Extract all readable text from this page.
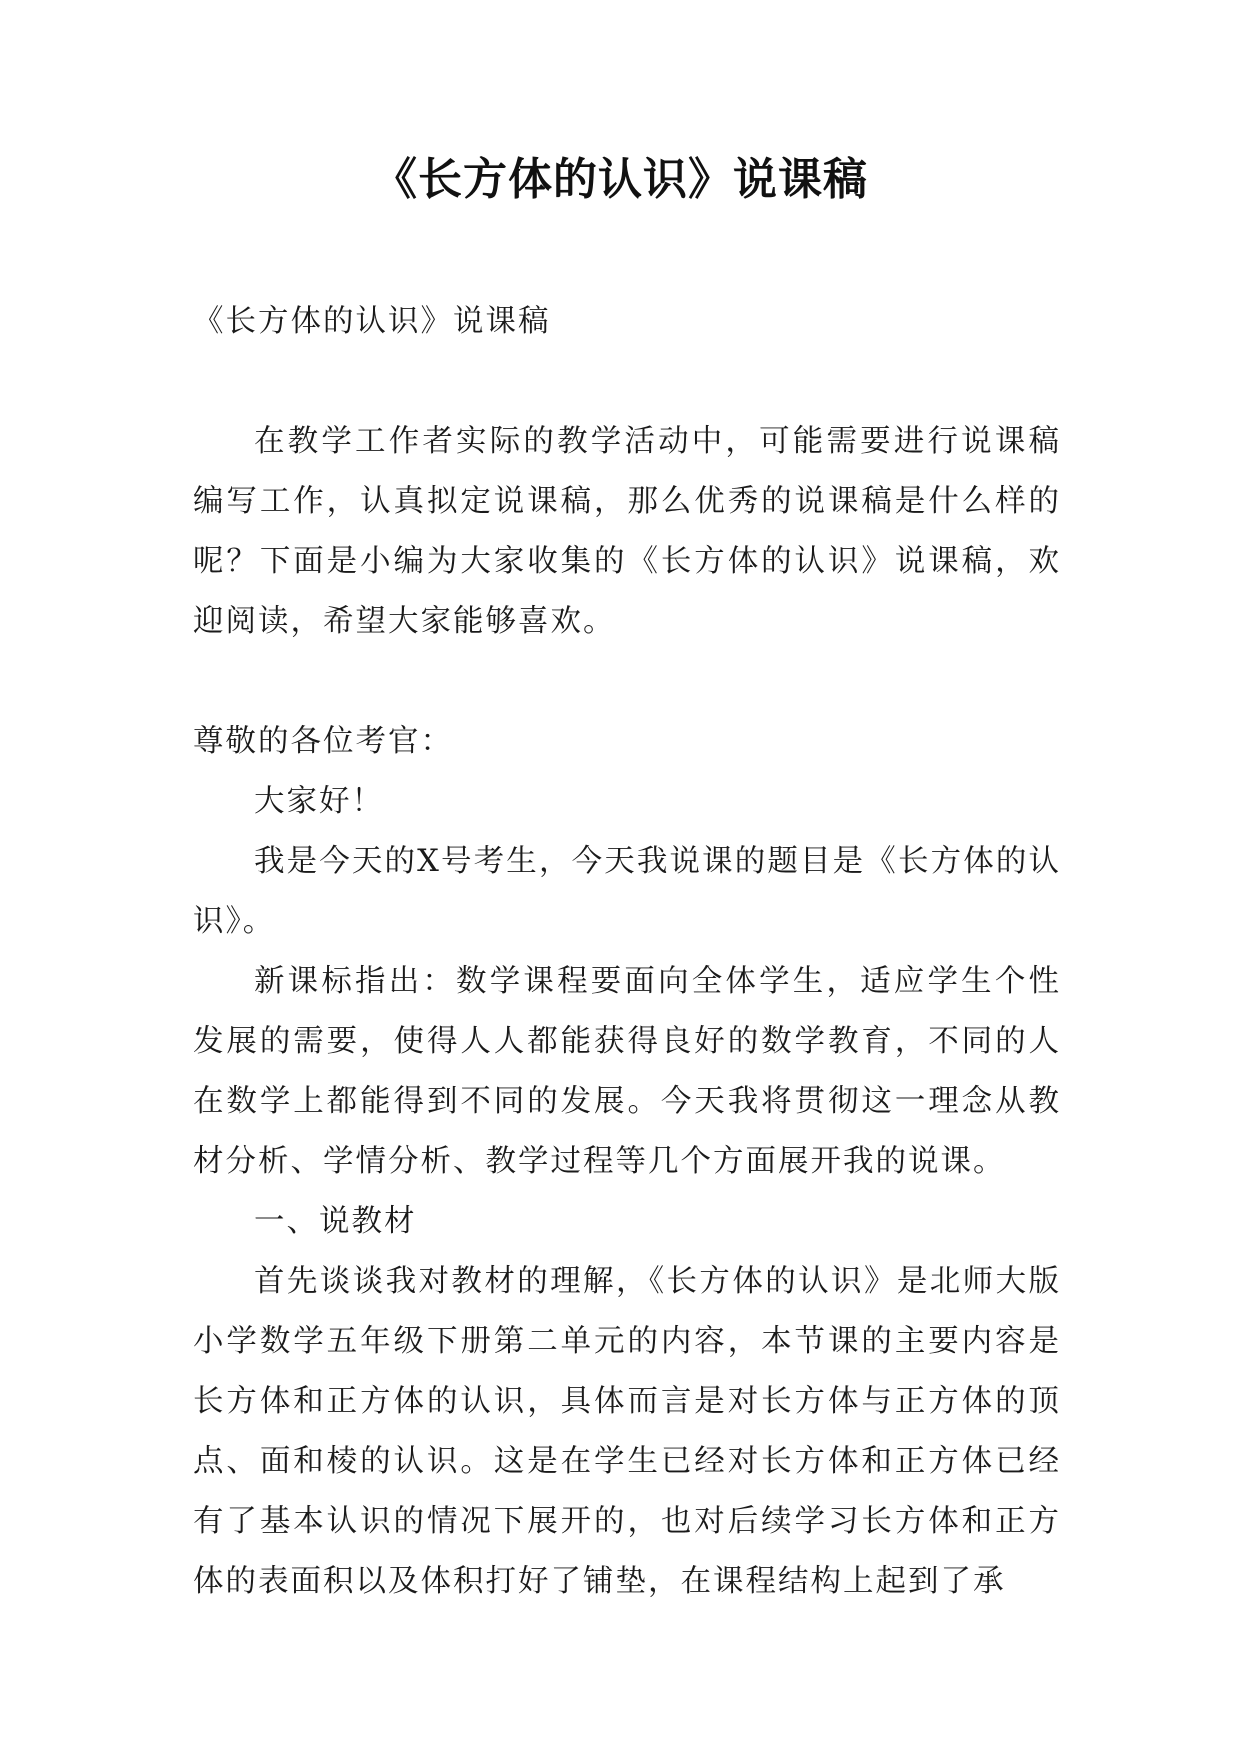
《长方体的认识》说课稿

《长方体的认识》说课稿

在教学工作者实际的教学活动中，可能需要进行说课稿编写工作，认真拟定说课稿，那么优秀的说课稿是什么样的呢？下面是小编为大家收集的《长方体的认识》说课稿，欢迎阅读，希望大家能够喜欢。

尊敬的各位考官：

大家好！

我是今天的X号考生，今天我说课的题目是《长方体的认识》。

新课标指出：数学课程要面向全体学生，适应学生个性发展的需要，使得人人都能获得良好的数学教育，不同的人在数学上都能得到不同的发展。今天我将贯彻这一理念从教材分析、学情分析、教学过程等几个方面展开我的说课。

一、说教材

首先谈谈我对教材的理解，《长方体的认识》是北师大版小学数学五年级下册第二单元的内容，本节课的主要内容是长方体和正方体的认识，具体而言是对长方体与正方体的顶点、面和棱的认识。这是在学生已经对长方体和正方体已经有了基本认识的情况下展开的，也对后续学习长方体和正方体的表面积以及体积打好了铺垫，在课程结构上起到了承
